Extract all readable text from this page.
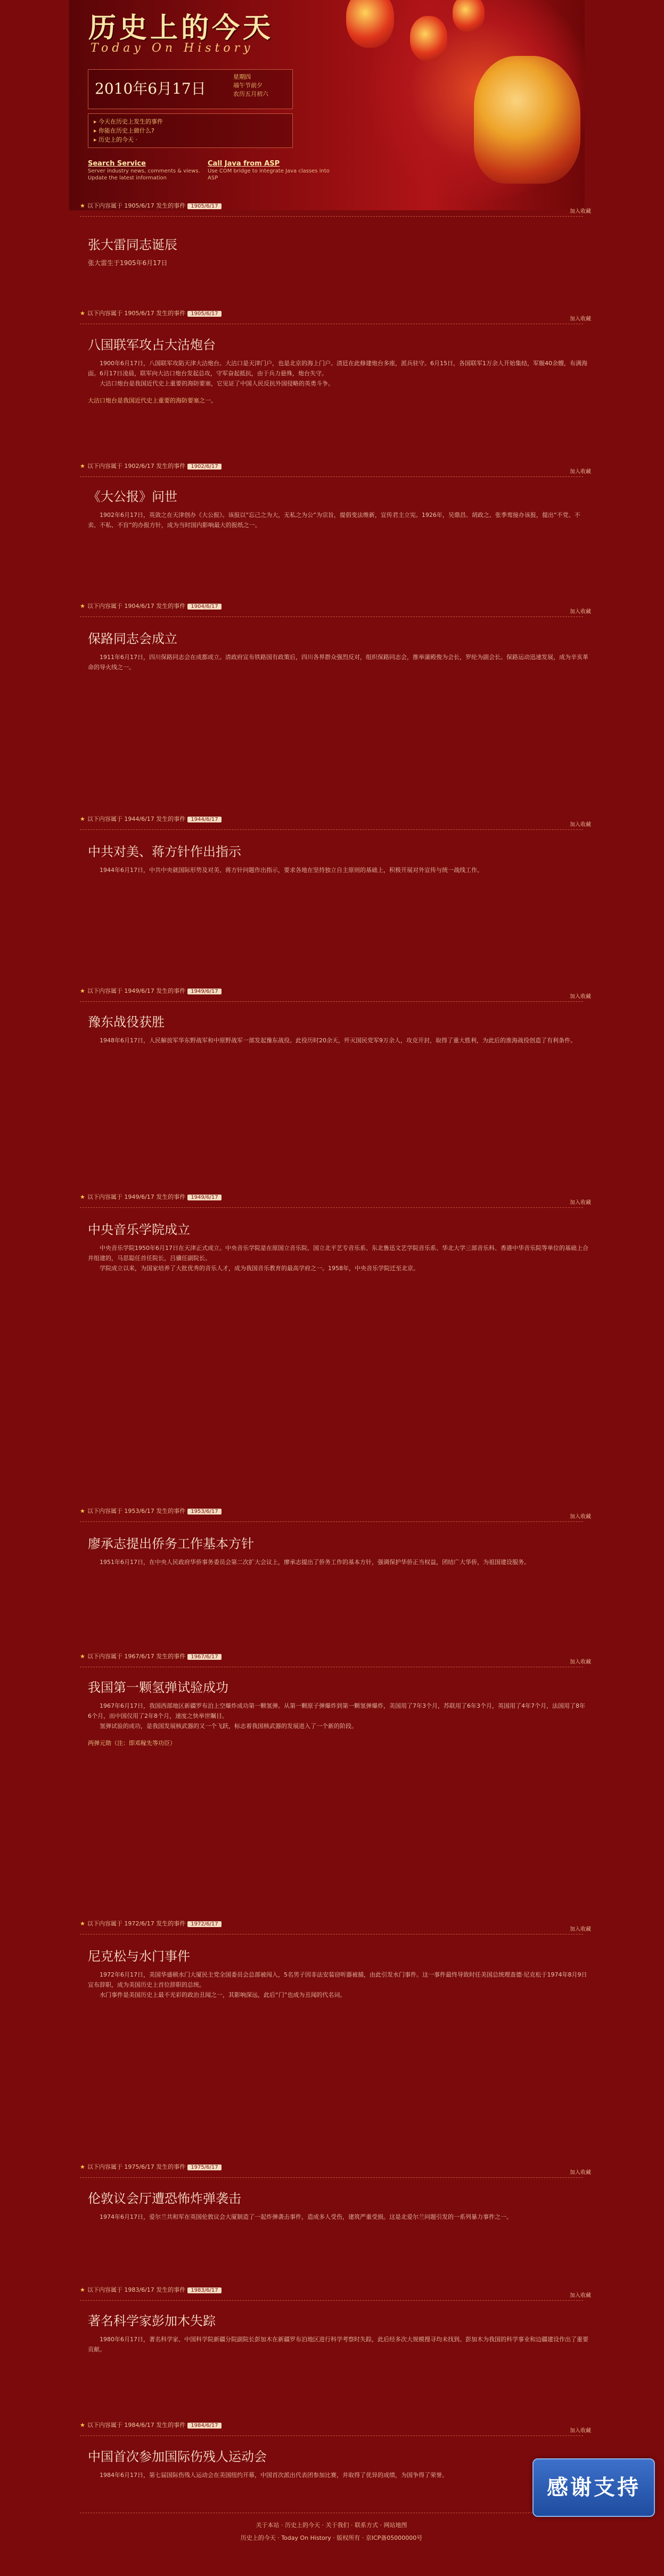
历史上的今天
Today On History
2010年6月17日
星期四
端午节前夕
农历五月初六
▸ 今天在历史上发生的事件
▸ 你能在历史上做什么?
▸ 历史上的今天 ·
Search Service
Server industry news, comments & views. Update the latest information
Call Java from ASP
Use COM bridge to integrate Java classes into ASP
★ 以下内容属于 1905/6/17 发生的事件 1905/6/17
加入收藏
张大雷同志诞辰
张大雷生于1905年6月17日
★ 以下内容属于 1905/6/17 发生的事件 1905/6/17
加入收藏
八国联军攻占大沽炮台

1900年6月17日，八国联军攻陷天津大沽炮台。大沽口是天津门户，也是北京的海上门户。清廷在此修建炮台多座，派兵驻守。6月15日，各国联军1万余人开始集结，军舰40余艘，布满海面。6月17日凌晨，联军向大沽口炮台发起总攻，守军奋起抵抗，由于兵力悬殊，炮台失守。

大沽口炮台是我国近代史上重要的海防要塞，它见证了中国人民反抗外国侵略的英勇斗争。

大沽口炮台是我国近代史上重要的海防要塞之一。
★ 以下内容属于 1902/6/17 发生的事件 1902/6/17
加入收藏
《大公报》问世

1902年6月17日，英敛之在天津创办《大公报》。该报以“忘己之为大，无私之为公”为宗旨，提倡变法维新，宣传君主立宪。1926年，吴鼎昌、胡政之、张季鸾接办该报，提出“不党、不卖、不私、不盲”的办报方针，成为当时国内影响最大的报纸之一。

★ 以下内容属于 1904/6/17 发生的事件 1904/6/17
加入收藏
保路同志会成立

1911年6月17日，四川保路同志会在成都成立。清政府宣布铁路国有政策后，四川各界群众强烈反对，组织保路同志会，推举蒲殿俊为会长，罗纶为副会长。保路运动迅速发展，成为辛亥革命的导火线之一。

★ 以下内容属于 1944/6/17 发生的事件 1944/6/17
加入收藏
中共对美、蒋方针作出指示

1944年6月17日，中共中央就国际形势及对美、蒋方针问题作出指示，要求各地在坚持独立自主原则的基础上，积极开展对外宣传与统一战线工作。

★ 以下内容属于 1949/6/17 发生的事件 1949/6/17
加入收藏
豫东战役获胜

1948年6月17日，人民解放军华东野战军和中原野战军一部发起豫东战役。此役历时20余天，歼灭国民党军9万余人，攻克开封，取得了重大胜利，为此后的淮海战役创造了有利条件。

★ 以下内容属于 1949/6/17 发生的事件 1949/6/17
加入收藏
中央音乐学院成立

中央音乐学院1950年6月17日在天津正式成立。中央音乐学院是在原国立音乐院、国立北平艺专音乐系、东北鲁迅文艺学院音乐系、华北大学三部音乐科、香港中华音乐院等单位的基础上合并组建的，马思聪任首任院长，吕骥任副院长。

学院成立以来，为国家培养了大批优秀的音乐人才，成为我国音乐教育的最高学府之一。1958年，中央音乐学院迁至北京。

★ 以下内容属于 1953/6/17 发生的事件 1953/6/17
加入收藏
廖承志提出侨务工作基本方针

1951年6月17日，在中央人民政府华侨事务委员会第二次扩大会议上，廖承志提出了侨务工作的基本方针，强调保护华侨正当权益，团结广大华侨，为祖国建设服务。

★ 以下内容属于 1967/6/17 发生的事件 1967/6/17
加入收藏
我国第一颗氢弹试验成功

1967年6月17日，我国西部地区新疆罗布泊上空爆炸成功第一颗氢弹。从第一颗原子弹爆炸到第一颗氢弹爆炸，美国用了7年3个月，苏联用了6年3个月，英国用了4年7个月，法国用了8年6个月，而中国仅用了2年8个月，速度之快举世瞩目。

氢弹试验的成功，是我国发展核武器的又一个飞跃，标志着我国核武器的发展进入了一个新的阶段。

两弹元勋（注：即邓稼先等功臣）
★ 以下内容属于 1972/6/17 发生的事件 1972/6/17
加入收藏
尼克松与水门事件

1972年6月17日，美国华盛顿水门大厦民主党全国委员会总部被闯入，5名男子因非法安装窃听器被捕，由此引发水门事件。这一事件最终导致时任美国总统理查德·尼克松于1974年8月9日宣布辞职，成为美国历史上首位辞职的总统。

水门事件是美国历史上最不光彩的政治丑闻之一，其影响深远，此后“门”也成为丑闻的代名词。

★ 以下内容属于 1975/6/17 发生的事件 1975/6/17
加入收藏
伦敦议会厅遭恐怖炸弹袭击

1974年6月17日，爱尔兰共和军在英国伦敦议会大厦制造了一起炸弹袭击事件，造成多人受伤，建筑严重受损。这是北爱尔兰问题引发的一系列暴力事件之一。

★ 以下内容属于 1983/6/17 发生的事件 1983/6/17
加入收藏
著名科学家彭加木失踪

1980年6月17日，著名科学家、中国科学院新疆分院副院长彭加木在新疆罗布泊地区进行科学考察时失踪，此后经多次大规模搜寻均未找到。彭加木为我国的科学事业和边疆建设作出了重要贡献。

★ 以下内容属于 1984/6/17 发生的事件 1984/6/17
加入收藏
中国首次参加国际伤残人运动会

1984年6月17日，第七届国际伤残人运动会在美国纽约开幕，中国首次派出代表团参加比赛，并取得了优异的成绩，为国争得了荣誉。

关于本站 · 历史上的今天 · 关于我们 · 联系方式 · 网站地图
历史上的今天 · Today On History · 版权所有 · 京ICP备05000000号
感谢支持
